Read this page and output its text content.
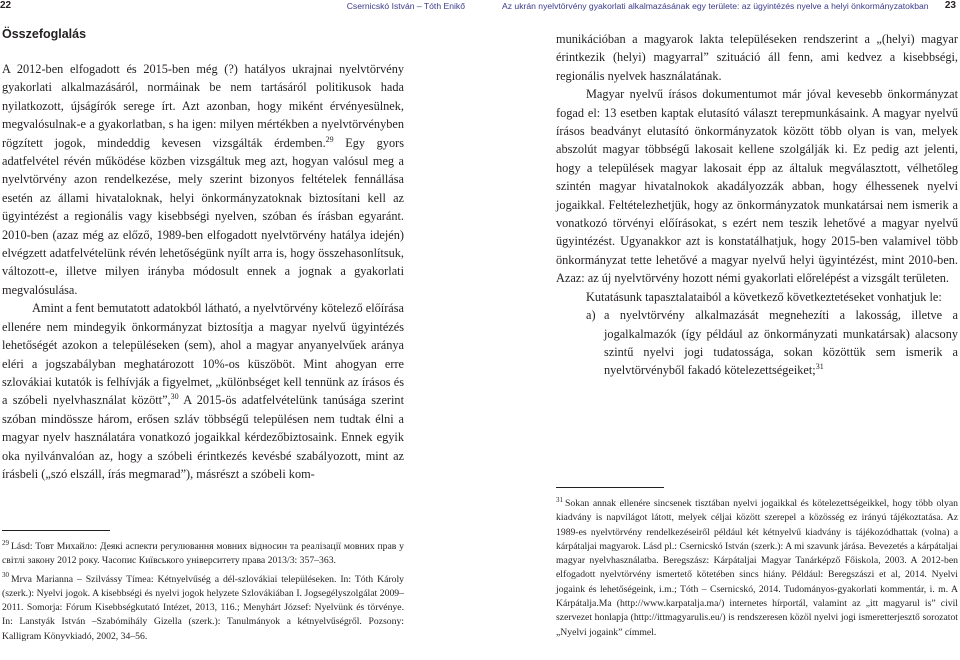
22	Csernicskó István – Tóth Enikő	Az ukrán nyelvtörvény gyakorlati alkalmazásának egy területe: az ügyintézés nyelve a helyi önkormányzatokban 23
Összefoglalás

A 2012-ben elfogadott és 2015-ben még (?) hatályos ukrajnai nyelvtörvény gyakorlati alkalmazásáról, normáinak be nem tartásáról politikusok hada nyilatkozott, újságírók serege írt. Azt azonban, hogy miként érvényesülnek, megvalósulnak-e a gyakorlatban, s ha igen: milyen mértékben a nyelvtörvényben rögzített jogok, mindeddig kevesen vizsgálták érdemben.$^{29}$ Egy gyors adatfelvétel révén működése közben vizsgáltuk meg azt, hogyan valósul meg a nyelvtörvény azon rendelkezése, mely szerint bizonyos feltételek fennállása esetén az állami hivataloknak, helyi önkormányzatoknak biztosítani kell az ügyintézést a regionális vagy kisebbségi nyelven, szóban és írásban egyaránt. 2010-ben (azaz még az előző, 1989-ben elfogadott nyelvtörvény hatálya idején) elvégzett adatfelvételünk révén lehetőségünk nyílt arra is, hogy összehasonlítsuk, változott-e, illetve milyen irányba módosult ennek a jognak a gyakorlati megvalósulása.

Amint a fent bemutatott adatokból látható, a nyelvtörvény kötelező előírása ellenére nem mindegyik önkormányzat biztosítja a magyar nyelvű ügyintézés lehetőségét azokon a településeken (sem), ahol a magyar anyanyelvűek aránya eléri a jogszabályban meghatározott 10%-os küszöböt. Mint ahogyan erre szlovákiai kutatók is felhívják a figyelmet, „különbséget kell tennünk az írásos és a szóbeli nyelvhasználat között”,$^{30}$ A 2015-ös adatfelvételünk tanúsága szerint szóban mindössze három, erősen szláv többségű településen nem tudtak élni a magyar nyelv használatára vonatkozó jogaikkal kérdezőbiztosaink. Ennek egyik oka nyilvánvalóan az, hogy a szóbeli érintkezés kevésbé szabályozott, mint az írásbeli („szó elszáll, írás megmarad”), másrészt a szóbeli kom-

$^{29}$ Lásd: Товт Михайло: Деякі аспекти регулювання мовних відносин та реалізації мовних прав у світлі закону 2012 року. Часопис Київського університету права 2013/3: 357–363.

$^{30}$ Mrva Marianna – Szilvássy Tímea: Kétnyelvűség a dél-szlovákiai településeken. In: Tóth Károly (szerk.): Nyelvi jogok. A kisebbségi és nyelvi jogok helyzete Szlovákiában I. Jogsegélyszolgálat 2009–2011. Somorja: Fórum Kisebbségkutató Intézet, 2013, 116.; Menyhárt József: Nyelvünk és törvénye. In: Lanstyák István –Szabómihály Gizella (szerk.): Tanulmányok a kétnyelvűségről. Pozsony: Kalligram Könyvkiadó, 2002, 34–56.

munikációban a magyarok lakta településeken rendszerint a „(helyi) magyar érintkezik (helyi) magyarral” szituáció áll fenn, ami kedvez a kisebbségi, regionális nyelvek használatának.

Magyar nyelvű írásos dokumentumot már jóval kevesebb önkormányzat fogad el: 13 esetben kaptak elutasító választ terepmunkásaink. A magyar nyelvű írásos beadványt elutasító önkormányzatok között több olyan is van, melyek abszolút magyar többségű lakosait kellene szolgálják ki. Ez pedig azt jelenti, hogy a települések magyar lakosait épp az általuk megválasztott, vélhetőleg szintén magyar hivatalnokok akadályozzák abban, hogy élhessenek nyelvi jogaikkal. Feltételezhetjük, hogy az önkormányzatok munkatársai nem ismerik a vonatkozó törvényi előírásokat, s ezért nem teszik lehetővé a magyar nyelvű ügyintézést. Ugyanakkor azt is konstatálhatjuk, hogy 2015-ben valamivel több önkormányzat tette lehetővé a magyar nyelvű helyi ügyintézést, mint 2010-ben. Azaz: az új nyelvtörvény hozott némi gyakorlati előrelépést a vizsgált területen.

Kutatásunk tapasztalataiból a következő következtetéseket vonhatjuk le:

a) a nyelvtörvény alkalmazását megnehezíti a lakosság, illetve a jogalkalmazók (így például az önkormányzati munkatársak) alacsony szintű nyelvi jogi tudatossága, sokan közöttük sem ismerik a nyelvtörvényből fakadó kötelezettségeiket;$^{31}$

$^{31}$ Sokan annak ellenére sincsenek tisztában nyelvi jogaikkal és kötelezettségeikkel, hogy több olyan kiadvány is napvilágot látott, melyek céljai között szerepel a közösség ez irányú tájékoztatása. Az 1989-es nyelvtörvény rendelkezéseiről például két kétnyelvű kiadvány is tájékozódhattak (volna) a kárpátaljai magyarok. Lásd pl.: Csernicskó István (szerk.): A mi szavunk járása. Bevezetés a kárpátaljai magyar nyelvhasználatba. Beregszász: Kárpátaljai Magyar Tanárképző Főiskola, 2003. A 2012-ben elfogadott nyelvtörvény ismertető kötetében sincs hiány. Például: Beregszászi et al, 2014. Nyelvi jogaink és lehetőségeink, i.m.; Tóth – Csernicskó, 2014. Tudományos-gyakorlati kommentár, i. m. A Kárpátalja.Ma (http://www.karpatalja.ma/) internetes hírportál, valamint az „itt magyarul is” civil szervezet honlapja (http://ittmagyarulis.eu/) is rendszeresen közöl nyelvi jogi ismeretterjesztő sorozatot „Nyelvi jogaink” címmel.
